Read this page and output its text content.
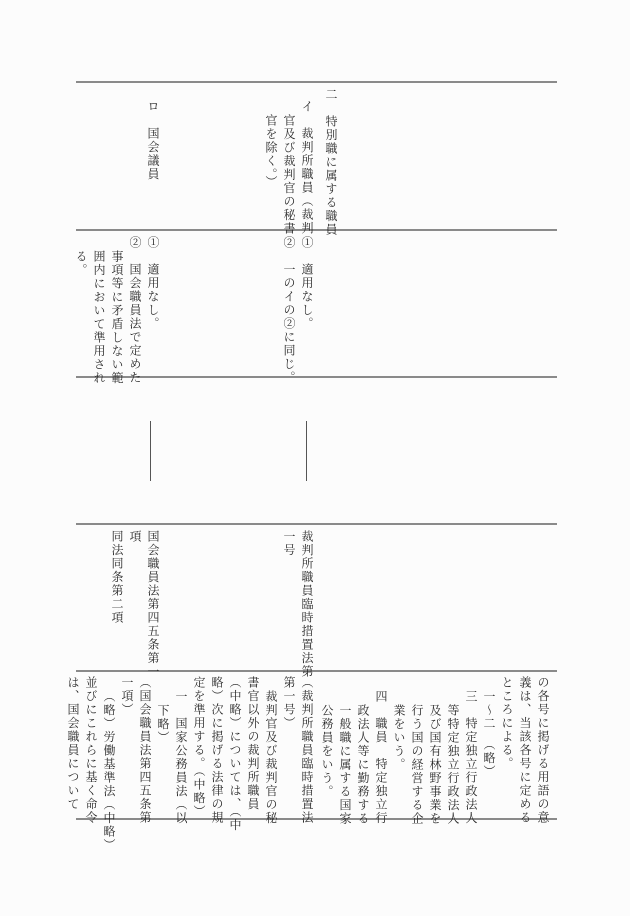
二　特別職に属する職員
イ　裁判所職員（裁判
官及び裁判官の秘書
官を除く。）
ロ　国会議員
①　適用なし。
②　一のイの②に同じ。
①　適用なし。
②　国会職員法で定めた
事項等に矛盾しない範
囲内において準用され
る。
裁判所職員臨時措置法第
一号
国会職員法第四五条第一
項
同法同条第二項
の各号に掲げる用語の意
義は、当該各号に定める
ところによる。
一〜二　（略）
三　特定独立行政法人
等特定独立行政法人
及び国有林野事業を
行う国の経営する企
業をいう。
四　職員　特定独立行
政法人等に勤務する
一般職に属する国家
公務員をいう。
（裁判所職員臨時措置法
第一号）
裁判官及び裁判官の秘
書官以外の裁判所職員
（中略）については、（中
略）次に掲げる法律の規
定を準用する。（中略）
一　国家公務員法（以
下略）
（国会職員法第四五条第
一項）
（略）労働基準法（中略）
並びにこれらに基く命令
は、国会職員について
